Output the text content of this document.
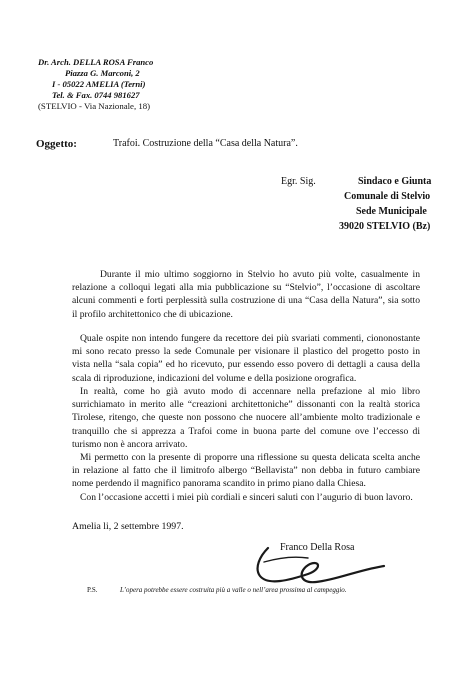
Dr. Arch. DELLA ROSA Franco
Piazza G. Marconi, 2
I - 05022 AMELIA (Terni)
Tel. & Fax. 0744 981627
(STELVIO - Via Nazionale, 18)
Oggetto:	Trafoi. Costruzione della “Casa della Natura”.
Egr. Sig.	Sindaco e Giunta
Comunale di Stelvio
Sede Municipale
39020 STELVIO (Bz)
Durante il mio ultimo soggiorno in Stelvio ho avuto più volte, casualmente in relazione a colloqui legati alla mia pubblicazione su “Stelvio”, l’occasione di ascoltare alcuni commenti e forti perplessità sulla costruzione di una “Casa della Natura”, sia sotto il profilo architettonico che di ubicazione.
Quale ospite non intendo fungere da recettore dei più svariati commenti, ciononostante mi sono recato presso la sede Comunale per visionare il plastico del progetto posto in vista nella “sala copia” ed ho ricevuto, pur essendo esso povero di dettagli a causa della scala di riproduzione, indicazioni del volume e della posizione orografica.
In realtà, come ho già avuto modo di accennare nella prefazione al mio libro surrichiamato in merito alle “creazioni architettoniche” dissonanti con la realtà storica Tirolese, ritengo, che queste non possono che nuocere all’ambiente molto tradizionale e tranquillo che si apprezza a Trafoi come in buona parte del comune ove l’eccesso di turismo non è ancora arrivato.
Mi permetto con la presente di proporre una riflessione su questa delicata scelta anche in relazione al fatto che il limitrofo albergo “Bellavista” non debba in futuro cambiare nome perdendo il magnifico panorama scandito in primo piano dalla Chiesa.
Con l’occasione accetti i miei più cordiali e sinceri saluti con l’augurio di buon lavoro.
Amelia li, 2 settembre 1997.
Franco Della Rosa
P.S.	L’opera potrebbe essere costruita più a valle o nell’area prossima al campeggio.
